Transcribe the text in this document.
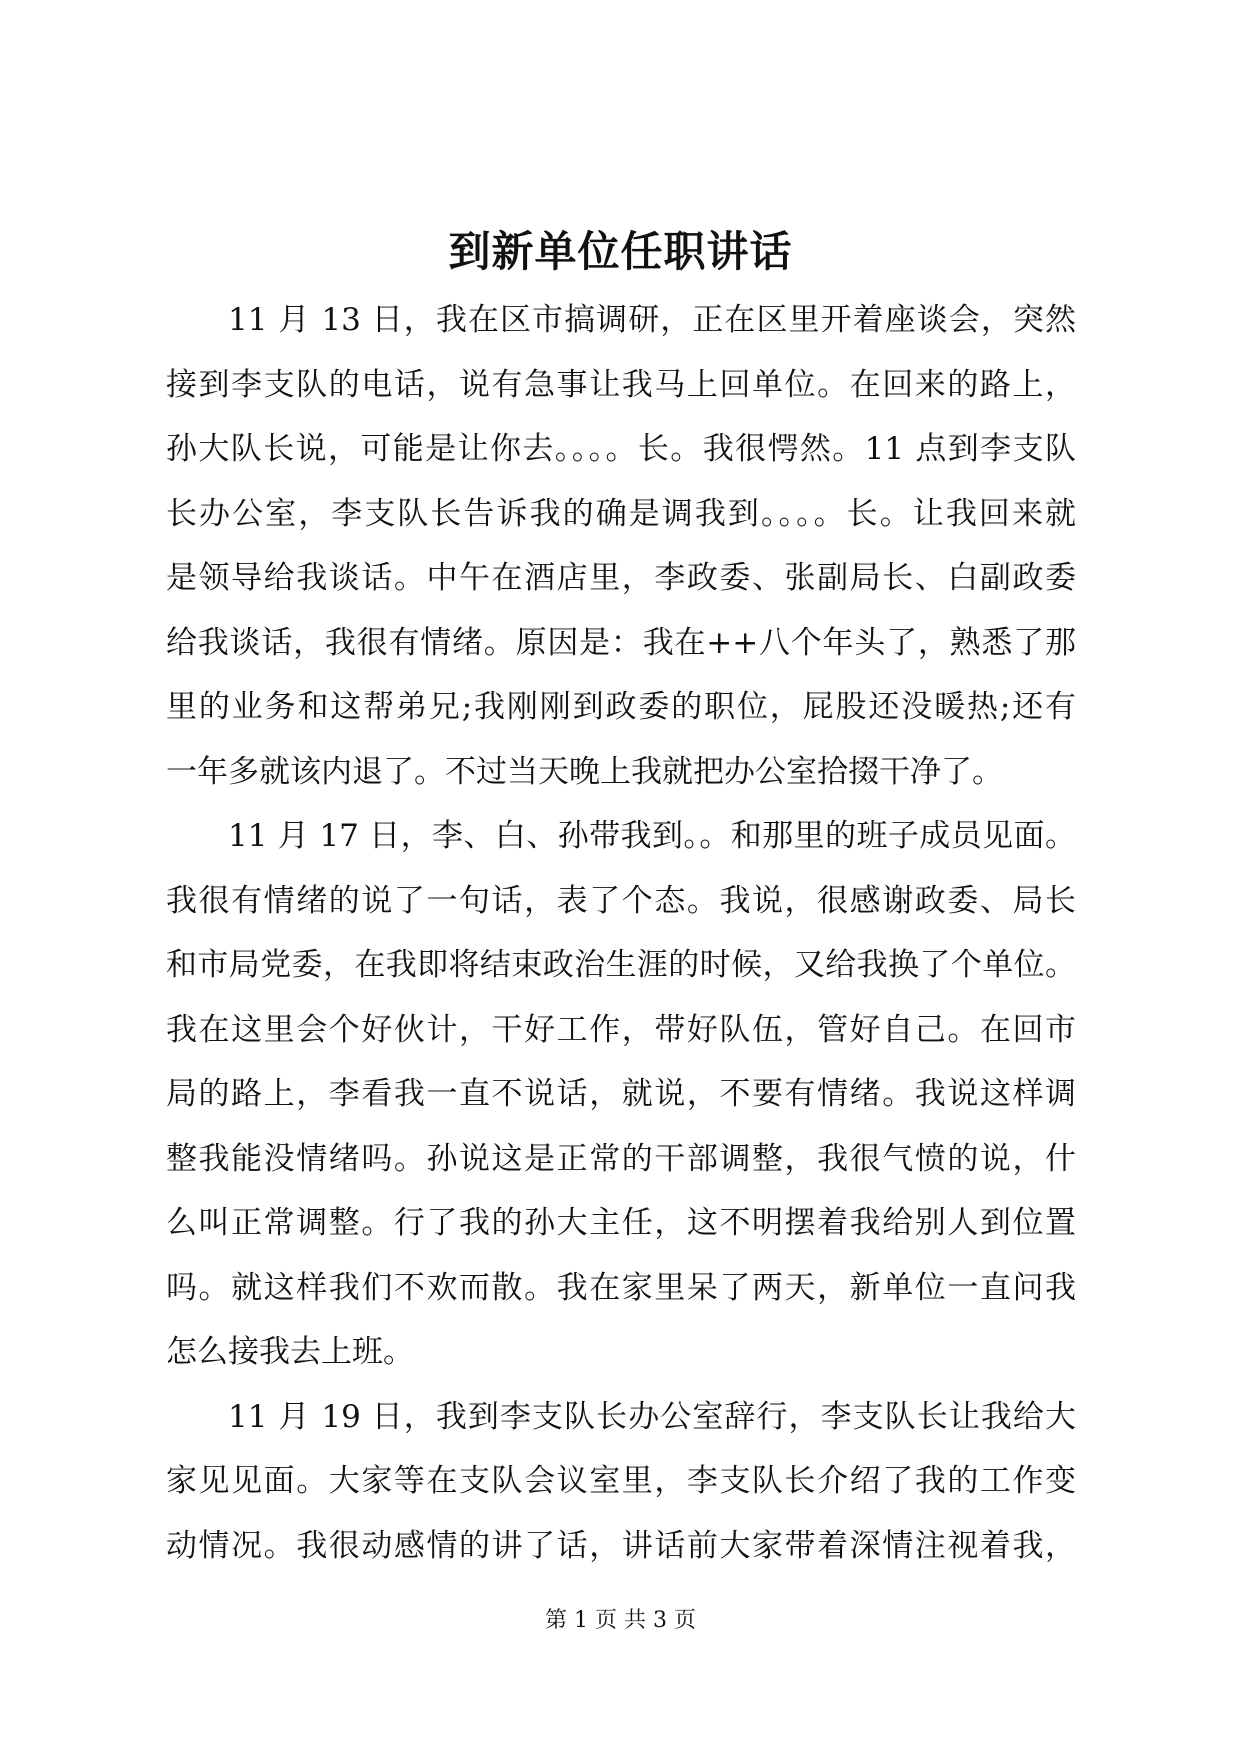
到新单位任职讲话
11 月 13 日，我在区市搞调研，正在区里开着座谈会，突然
接到李支队的电话，说有急事让我马上回单位。在回来的路上，
孙大队长说，可能是让你去。。。。长。我很愕然。11 点到李支队
长办公室，李支队长告诉我的确是调我到。。。。长。让我回来就
是领导给我谈话。中午在酒店里，李政委、张副局长、白副政委
给我谈话，我很有情绪。原因是：我在++八个年头了，熟悉了那
里的业务和这帮弟兄;我刚刚到政委的职位，屁股还没暖热;还有
一年多就该内退了。不过当天晚上我就把办公室拾掇干净了。
11 月 17 日，李、白、孙带我到。。和那里的班子成员见面。
我很有情绪的说了一句话，表了个态。我说，很感谢政委、局长
和市局党委，在我即将结束政治生涯的时候，又给我换了个单位。
我在这里会个好伙计，干好工作，带好队伍，管好自己。在回市
局的路上，李看我一直不说话，就说，不要有情绪。我说这样调
整我能没情绪吗。孙说这是正常的干部调整，我很气愤的说，什
么叫正常调整。行了我的孙大主任，这不明摆着我给别人到位置
吗。就这样我们不欢而散。我在家里呆了两天，新单位一直问我
怎么接我去上班。
11 月 19 日，我到李支队长办公室辞行，李支队长让我给大
家见见面。大家等在支队会议室里，李支队长介绍了我的工作变
动情况。我很动感情的讲了话，讲话前大家带着深情注视着我，
第 1 页 共 3 页
